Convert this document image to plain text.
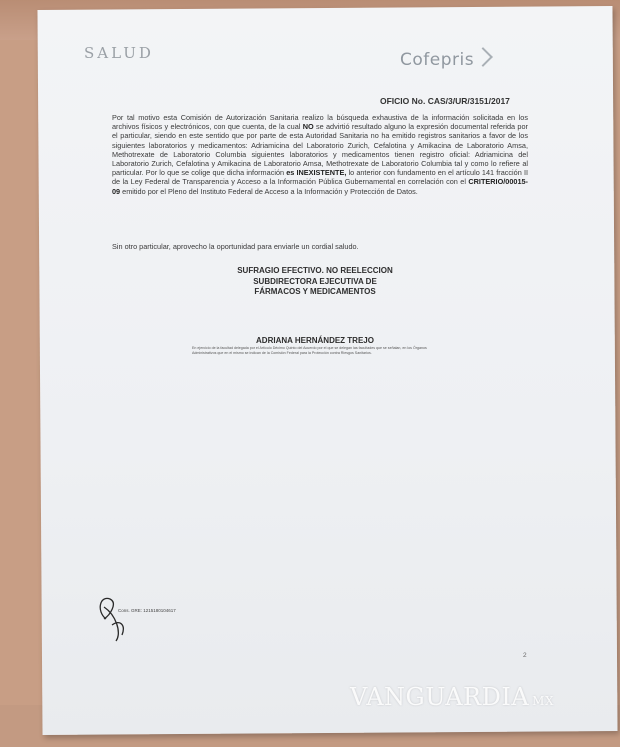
SALUD	Cofepris
OFICIO No. CAS/3/UR/3151/2017
Por tal motivo esta Comisión de Autorización Sanitaria realizo la búsqueda exhaustiva de la información solicitada en los archivos físicos y electrónicos, con que cuenta, de la cual NO se advirtió resultado alguno la expresión documental referida por el particular, siendo en este sentido que por parte de esta Autoridad Sanitaria no ha emitido registros sanitarios a favor de los siguientes laboratorios y medicamentos: Adriamicina del Laboratorio Zurich, Cefalotina y Amikacina de Laboratorio Amsa, Methotrexate de Laboratorio Columbia siguientes laboratorios y medicamentos tienen registro oficial: Adriamicina del Laboratorio Zurich, Cefalotina y Amikacina de Laboratorio Amsa, Methotrexate de Laboratorio Columbia tal y como lo refiere al particular. Por lo que se colige que dicha información es INEXISTENTE, lo anterior con fundamento en el artículo 141 fracción II de la Ley Federal de Transparencia y Acceso a la Información Pública Gubernamental en correlación con el CRITERIO/00015-09 emitido por el Pleno del Instituto Federal de Acceso a la Información y Protección de Datos.
Sin otro particular, aprovecho la oportunidad para enviarle un cordial saludo.
SUFRAGIO EFECTIVO. NO REELECCION
SUBDIRECTORA EJECUTIVA DE
FÁRMACOS Y MEDICAMENTOS
ADRIANA HERNÁNDEZ TREJO
En ejercicio de la facultad delegada por el Artículo Décimo Quinto del Acuerdo por el que se delegan las facultades que se señalan, en los Órganos Administrativos que en el mismo se indican de la Comisión Federal para la Protección contra Riesgos Sanitarios.
Cons. GRE: 1215180104617

2
VANGUARDIA MX
